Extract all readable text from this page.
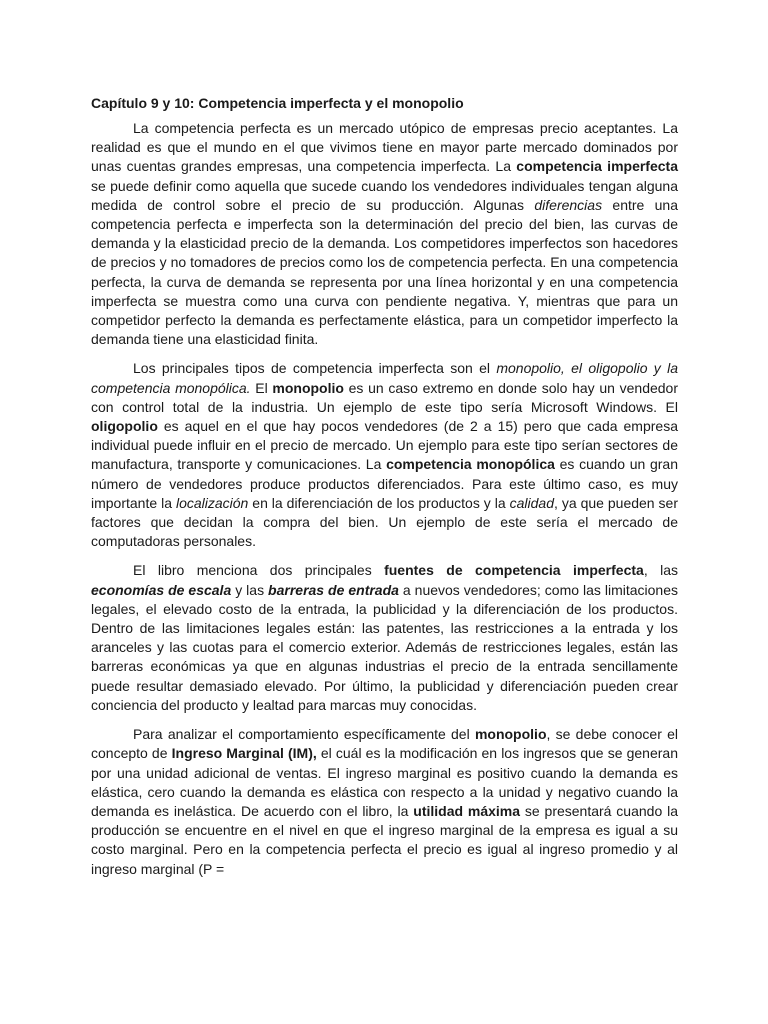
Capítulo 9 y 10: Competencia imperfecta y el monopolio

La competencia perfecta es un mercado utópico de empresas precio aceptantes. La realidad es que el mundo en el que vivimos tiene en mayor parte mercado dominados por unas cuentas grandes empresas, una competencia imperfecta. La competencia imperfecta se puede definir como aquella que sucede cuando los vendedores individuales tengan alguna medida de control sobre el precio de su producción. Algunas diferencias entre una competencia perfecta e imperfecta son la determinación del precio del bien, las curvas de demanda y la elasticidad precio de la demanda. Los competidores imperfectos son hacedores de precios y no tomadores de precios como los de competencia perfecta. En una competencia perfecta, la curva de demanda se representa por una línea horizontal y en una competencia imperfecta se muestra como una curva con pendiente negativa. Y, mientras que para un competidor perfecto la demanda es perfectamente elástica, para un competidor imperfecto la demanda tiene una elasticidad finita.

Los principales tipos de competencia imperfecta son el monopolio, el oligopolio y la competencia monopólica. El monopolio es un caso extremo en donde solo hay un vendedor con control total de la industria. Un ejemplo de este tipo sería Microsoft Windows. El oligopolio es aquel en el que hay pocos vendedores (de 2 a 15) pero que cada empresa individual puede influir en el precio de mercado. Un ejemplo para este tipo serían sectores de manufactura, transporte y comunicaciones. La competencia monopólica es cuando un gran número de vendedores produce productos diferenciados. Para este último caso, es muy importante la localización en la diferenciación de los productos y la calidad, ya que pueden ser factores que decidan la compra del bien. Un ejemplo de este sería el mercado de computadoras personales.

El libro menciona dos principales fuentes de competencia imperfecta, las economías de escala y las barreras de entrada a nuevos vendedores; como las limitaciones legales, el elevado costo de la entrada, la publicidad y la diferenciación de los productos. Dentro de las limitaciones legales están: las patentes, las restricciones a la entrada y los aranceles y las cuotas para el comercio exterior. Además de restricciones legales, están las barreras económicas ya que en algunas industrias el precio de la entrada sencillamente puede resultar demasiado elevado. Por último, la publicidad y diferenciación pueden crear conciencia del producto y lealtad para marcas muy conocidas.

Para analizar el comportamiento específicamente del monopolio, se debe conocer el concepto de Ingreso Marginal (IM), el cuál es la modificación en los ingresos que se generan por una unidad adicional de ventas. El ingreso marginal es positivo cuando la demanda es elástica, cero cuando la demanda es elástica con respecto a la unidad y negativo cuando la demanda es inelástica. De acuerdo con el libro, la utilidad máxima se presentará cuando la producción se encuentre en el nivel en que el ingreso marginal de la empresa es igual a su costo marginal. Pero en la competencia perfecta el precio es igual al ingreso promedio y al ingreso marginal (P =
